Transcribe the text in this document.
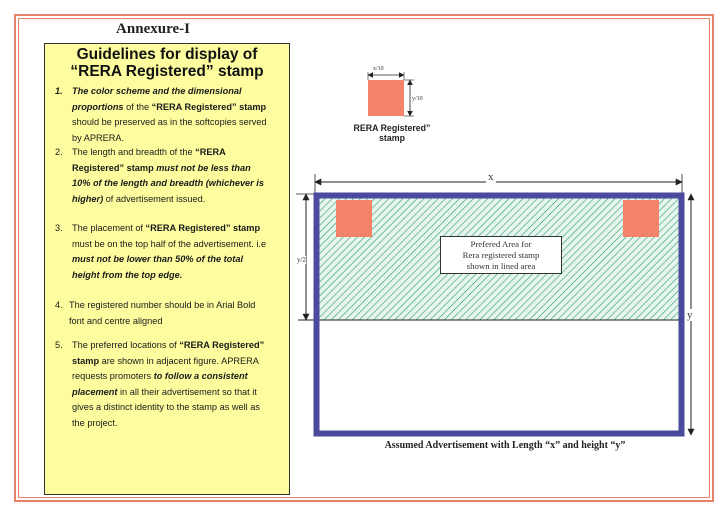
Annexure-I
Guidelines for display of
“RERA Registered” stamp
1.	The color scheme and the dimensional proportions of the “RERA Registered” stamp should be preserved as in the softcopies served by APRERA.
2.	The length and breadth of the “RERA Registered” stamp must not be less than 10% of the length and breadth (whichever is higher) of advertisement issued.
3.	The placement of “RERA Registered” stamp must be on the top half of the advertisement. i.e must not be lower than 50% of the total height from the top edge.
4. The registered number should be in Arial Bold font and centre aligned
5.	The preferred locations of “RERA Registered” stamp are shown in adjacent figure. APRERA requests promoters to follow a consistent placement in all their advertisement so that it gives a distinct identity to the stamp as well as the project.
x/10
y/10
RERA Registered”
stamp
x
y
y/2
Prefered Area for
Rera registered stamp
shown in lined area
Assumed Advertisement with Length “x” and height “y”
